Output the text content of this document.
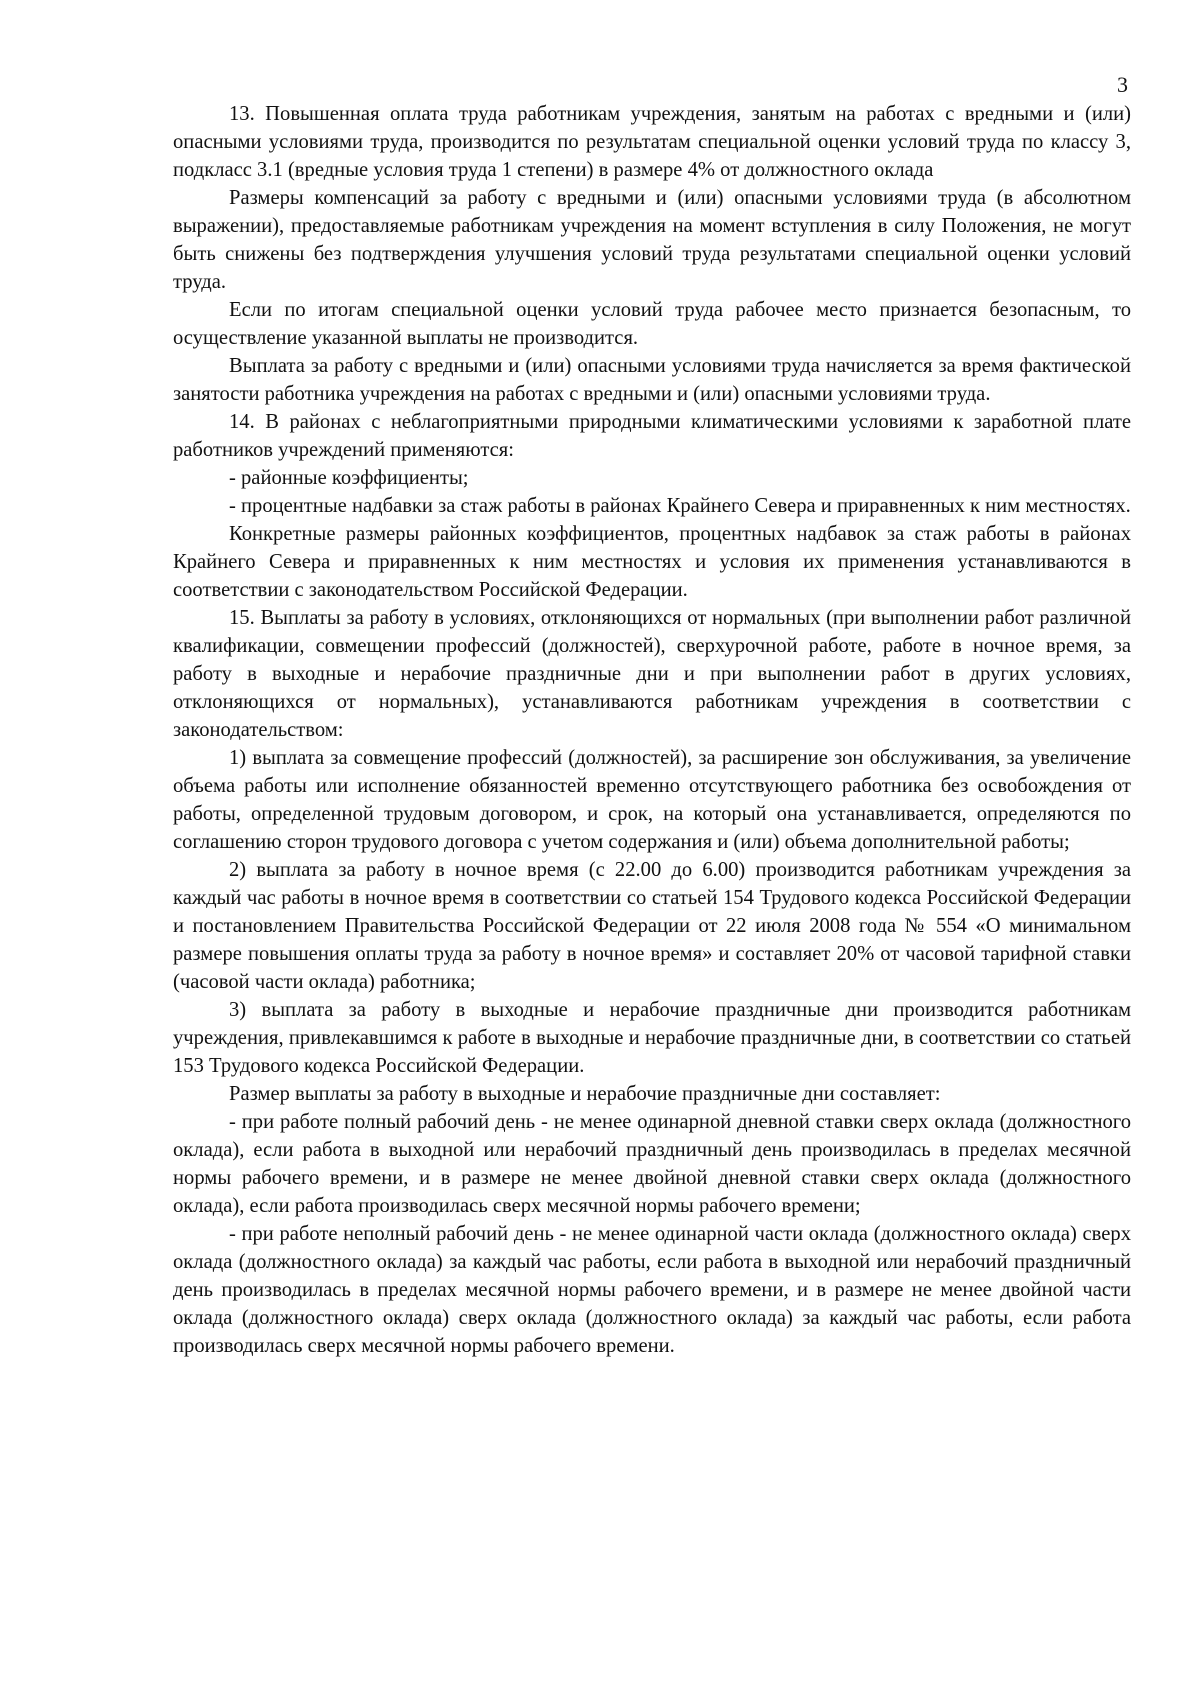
3

13. Повышенная оплата труда работникам учреждения, занятым на работах с вредными и (или) опасными условиями труда, производится по результатам специальной оценки условий труда по классу 3, подкласс 3.1 (вредные условия труда 1 степени) в размере 4% от должностного оклада

Размеры компенсаций за работу с вредными и (или) опасными условиями труда (в абсолютном выражении), предоставляемые работникам учреждения на момент вступления в силу Положения, не могут быть снижены без подтверждения улучшения условий труда результатами специальной оценки условий труда.

Если по итогам специальной оценки условий труда рабочее место признается безопасным, то осуществление указанной выплаты не производится.

Выплата за работу с вредными и (или) опасными условиями труда начисляется за время фактической занятости работника учреждения на работах с вредными и (или) опасными условиями труда.

14. В районах с неблагоприятными природными климатическими условиями к заработной плате работников учреждений применяются:

- районные коэффициенты;

- процентные надбавки за стаж работы в районах Крайнего Севера и приравненных к ним местностях.

Конкретные размеры районных коэффициентов, процентных надбавок за стаж работы в районах Крайнего Севера и приравненных к ним местностях и условия их применения устанавливаются в соответствии с законодательством Российской Федерации.

15. Выплаты за работу в условиях, отклоняющихся от нормальных (при выполнении работ различной квалификации, совмещении профессий (должностей), сверхурочной работе, работе в ночное время, за работу в выходные и нерабочие праздничные дни и при выполнении работ в других условиях, отклоняющихся от нормальных), устанавливаются работникам учреждения в соответствии с законодательством:

1) выплата за совмещение профессий (должностей), за расширение зон обслуживания, за увеличение объема работы или исполнение обязанностей временно отсутствующего работника без освобождения от работы, определенной трудовым договором, и срок, на который она устанавливается, определяются по соглашению сторон трудового договора с учетом содержания и (или) объема дополнительной работы;

2) выплата за работу в ночное время (с 22.00 до 6.00) производится работникам учреждения за каждый час работы в ночное время в соответствии со статьей 154 Трудового кодекса Российской Федерации и постановлением Правительства Российской Федерации от 22 июля 2008 года № 554 «О минимальном размере повышения оплаты труда за работу в ночное время» и составляет 20% от часовой тарифной ставки (часовой части оклада) работника;

3) выплата за работу в выходные и нерабочие праздничные дни производится работникам учреждения, привлекавшимся к работе в выходные и нерабочие праздничные дни, в соответствии со статьей 153 Трудового кодекса Российской Федерации.

Размер выплаты за работу в выходные и нерабочие праздничные дни составляет:

- при работе полный рабочий день - не менее одинарной дневной ставки сверх оклада (должностного оклада), если работа в выходной или нерабочий праздничный день производилась в пределах месячной нормы рабочего времени, и в размере не менее двойной дневной ставки сверх оклада (должностного оклада), если работа производилась сверх месячной нормы рабочего времени;

- при работе неполный рабочий день - не менее одинарной части оклада (должностного оклада) сверх оклада (должностного оклада) за каждый час работы, если работа в выходной или нерабочий праздничный день производилась в пределах месячной нормы рабочего времени, и в размере не менее двойной части оклада (должностного оклада) сверх оклада (должностного оклада) за каждый час работы, если работа производилась сверх месячной нормы рабочего времени.
